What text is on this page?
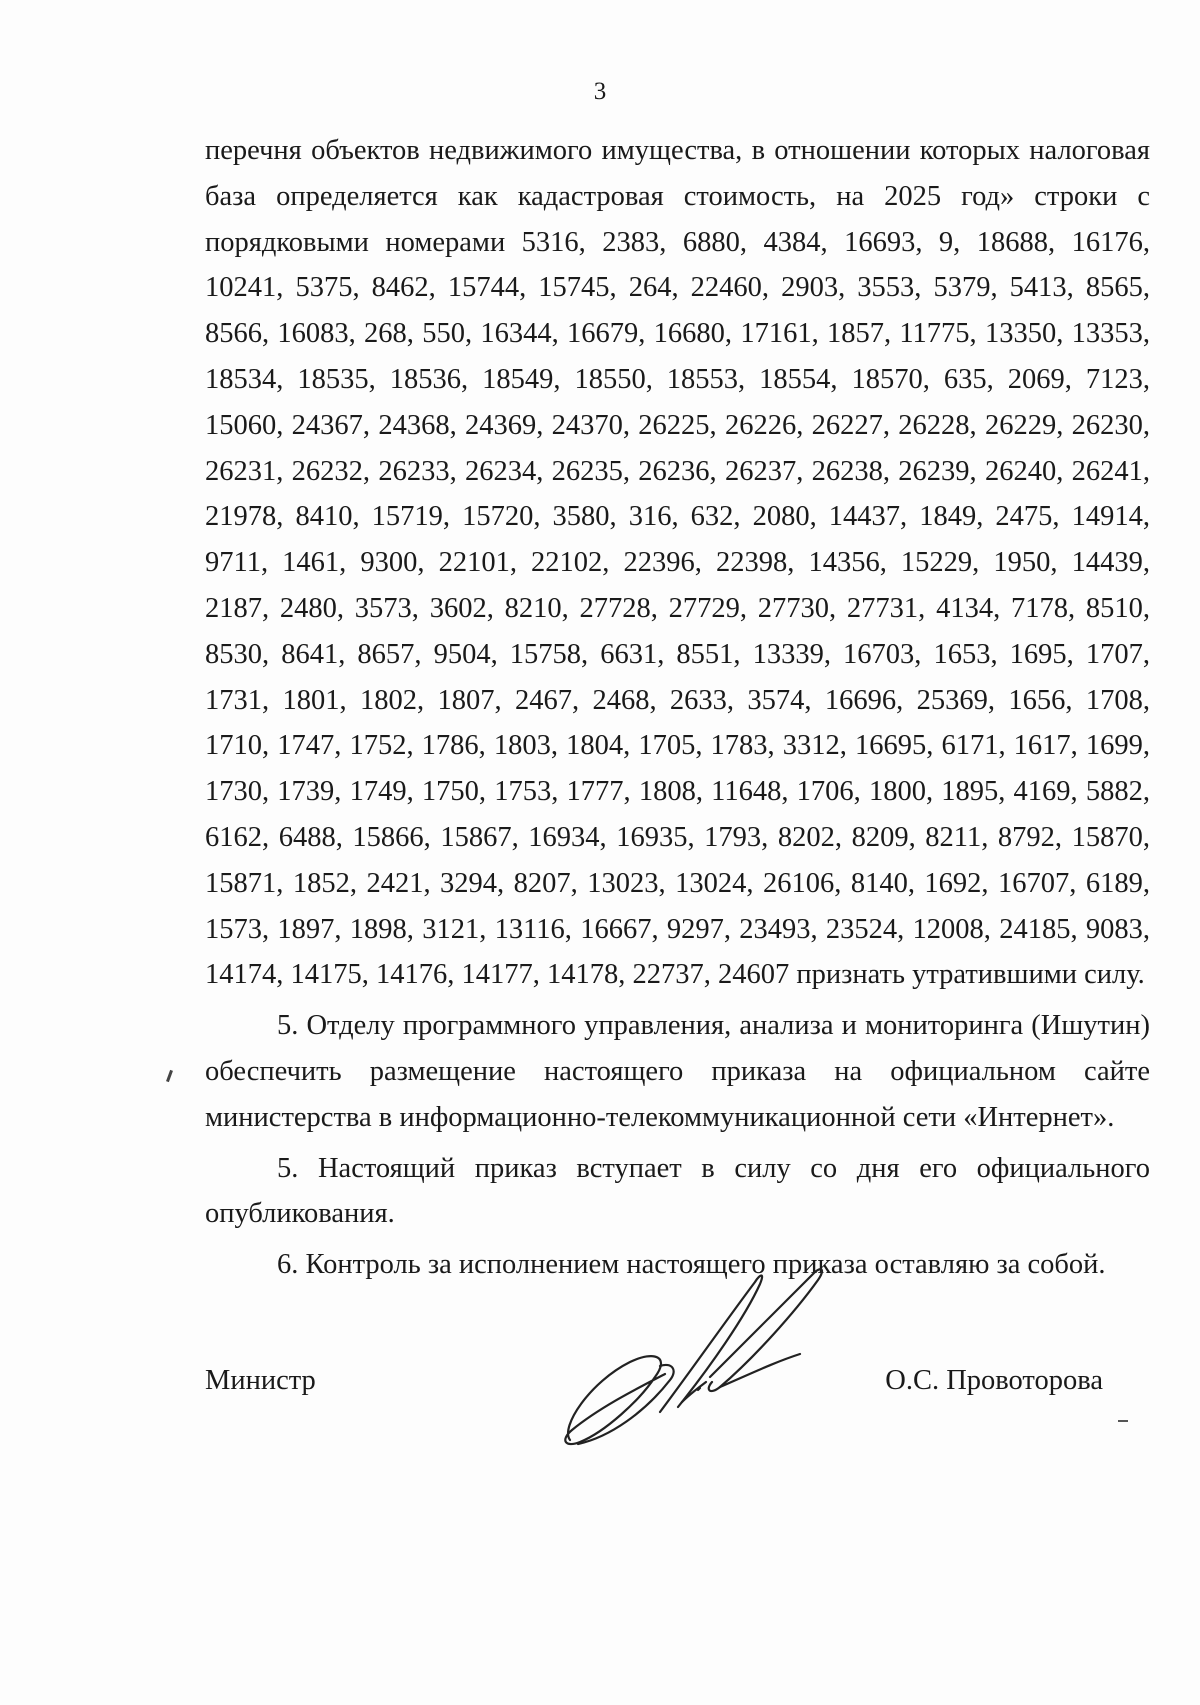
3

перечня объектов недвижимого имущества, в отношении которых налоговая база определяется как кадастровая стоимость, на 2025 год» строки с порядковыми номерами 5316, 2383, 6880, 4384, 16693, 9, 18688, 16176, 10241, 5375, 8462, 15744, 15745, 264, 22460, 2903, 3553, 5379, 5413, 8565, 8566, 16083, 268, 550, 16344, 16679, 16680, 17161, 1857, 11775, 13350, 13353, 18534, 18535, 18536, 18549, 18550, 18553, 18554, 18570, 635, 2069, 7123, 15060, 24367, 24368, 24369, 24370, 26225, 26226, 26227, 26228, 26229, 26230, 26231, 26232, 26233, 26234, 26235, 26236, 26237, 26238, 26239, 26240, 26241, 21978, 8410, 15719, 15720, 3580, 316, 632, 2080, 14437, 1849, 2475, 14914, 9711, 1461, 9300, 22101, 22102, 22396, 22398, 14356, 15229, 1950, 14439, 2187, 2480, 3573, 3602, 8210, 27728, 27729, 27730, 27731, 4134, 7178, 8510, 8530, 8641, 8657, 9504, 15758, 6631, 8551, 13339, 16703, 1653, 1695, 1707, 1731, 1801, 1802, 1807, 2467, 2468, 2633, 3574, 16696, 25369, 1656, 1708, 1710, 1747, 1752, 1786, 1803, 1804, 1705, 1783, 3312, 16695, 6171, 1617, 1699, 1730, 1739, 1749, 1750, 1753, 1777, 1808, 11648, 1706, 1800, 1895, 4169, 5882, 6162, 6488, 15866, 15867, 16934, 16935, 1793, 8202, 8209, 8211, 8792, 15870, 15871, 1852, 2421, 3294, 8207, 13023, 13024, 26106, 8140, 1692, 16707, 6189, 1573, 1897, 1898, 3121, 13116, 16667, 9297, 23493, 23524, 12008, 24185, 9083, 14174, 14175, 14176, 14177, 14178, 22737, 24607 признать утратившими силу.

5. Отделу программного управления, анализа и мониторинга (Ишутин) обеспечить размещение настоящего приказа на официальном сайте министерства в информационно-телекоммуникационной сети «Интернет».

5. Настоящий приказ вступает в силу со дня его официального опубликования.

6. Контроль за исполнением настоящего приказа оставляю за собой.

Министр	О.С. Провоторова
